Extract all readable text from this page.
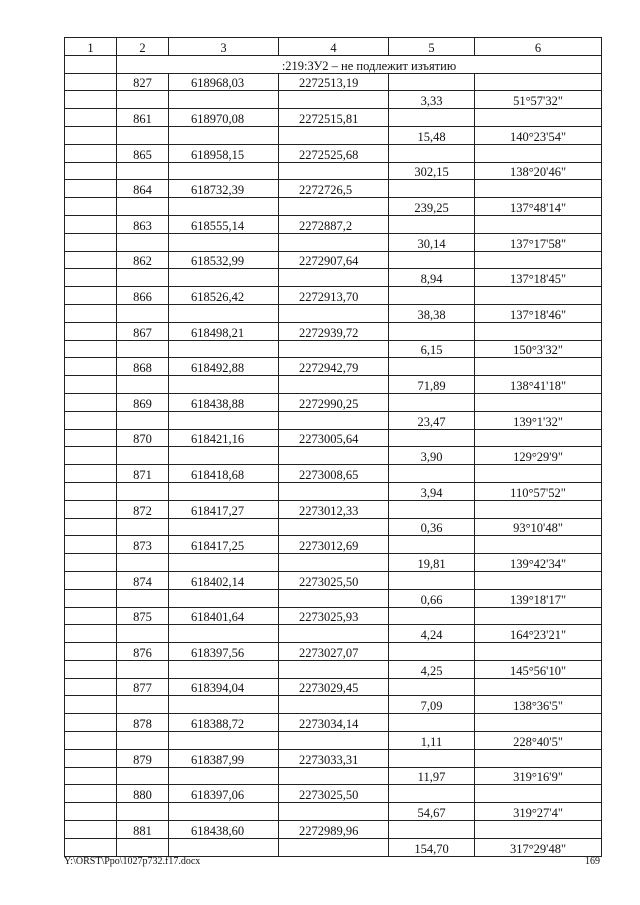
1	2	3	4	5	6
	:219:ЗУ2 – не подлежит изъятию				
	827	618968,03	2272513,19		
				3,33	51°57'32"
	861	618970,08	2272515,81		
				15,48	140°23'54"
	865	618958,15	2272525,68		
				302,15	138°20'46"
	864	618732,39	2272726,5		
				239,25	137°48'14"
	863	618555,14	2272887,2		
				30,14	137°17'58"
	862	618532,99	2272907,64		
				8,94	137°18'45"
	866	618526,42	2272913,70		
				38,38	137°18'46"
	867	618498,21	2272939,72		
				6,15	150°3'32"
	868	618492,88	2272942,79		
				71,89	138°41'18"
	869	618438,88	2272990,25		
				23,47	139°1'32"
	870	618421,16	2273005,64		
				3,90	129°29'9"
	871	618418,68	2273008,65		
				3,94	110°57'52"
	872	618417,27	2273012,33		
				0,36	93°10'48"
	873	618417,25	2273012,69		
				19,81	139°42'34"
	874	618402,14	2273025,50		
				0,66	139°18'17"
	875	618401,64	2273025,93		
				4,24	164°23'21"
	876	618397,56	2273027,07		
				4,25	145°56'10"
	877	618394,04	2273029,45		
				7,09	138°36'5"
	878	618388,72	2273034,14		
				1,11	228°40'5"
	879	618387,99	2273033,31		
				11,97	319°16'9"
	880	618397,06	2273025,50		
				54,67	319°27'4"
	881	618438,60	2272989,96		
				154,70	317°29'48"
Y:\ORST\Ppo\1027p732.f17.docx	169
